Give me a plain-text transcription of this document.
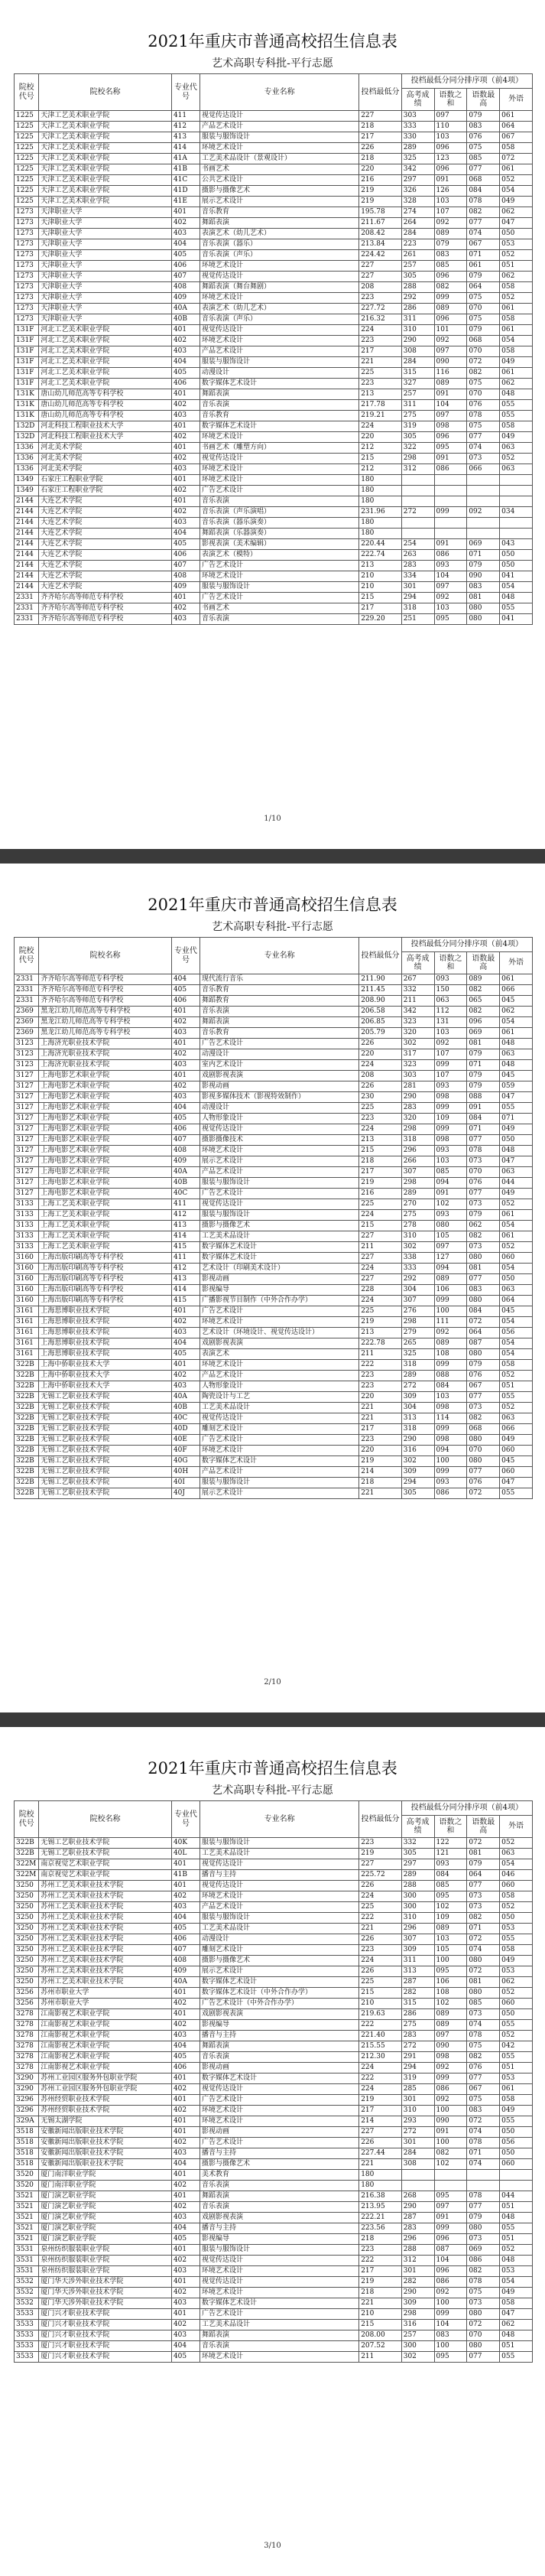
2021年重庆市普通高校招生信息表
艺术高职专科批-平行志愿
院校代号	院校名称	专业代号	专业名称	投档最低分	投档最低分同分排序项（前4项）			
					高考成绩	语数之和	语数最高	外语
1225	天津工艺美术职业学院	411	视觉传达设计	227	303	097	079	061
1225	天津工艺美术职业学院	412	产品艺术设计	218	333	110	083	064
1225	天津工艺美术职业学院	413	服装与服饰设计	217	330	103	076	067
1225	天津工艺美术职业学院	414	环境艺术设计	226	289	096	075	058
1225	天津工艺美术职业学院	41A	工艺美术品设计（景观设计）	218	325	123	085	072
1225	天津工艺美术职业学院	41B	书画艺术	220	342	096	077	061
1225	天津工艺美术职业学院	41C	公共艺术设计	216	297	091	068	052
1225	天津工艺美术职业学院	41D	摄影与摄像艺术	219	326	126	084	054
1225	天津工艺美术职业学院	41E	展示艺术设计	219	328	103	078	049
1273	天津职业大学	401	音乐教育	195.78	274	107	082	062
1273	天津职业大学	402	舞蹈表演	211.67	264	092	077	047
1273	天津职业大学	403	表演艺术（幼儿艺术）	208.42	284	089	074	050
1273	天津职业大学	404	音乐表演（器乐）	213.84	223	079	067	053
1273	天津职业大学	405	音乐表演（声乐）	224.42	261	083	071	052
1273	天津职业大学	406	环境艺术设计	227	257	085	061	051
1273	天津职业大学	407	视觉传达设计	227	305	096	079	062
1273	天津职业大学	408	舞蹈表演（舞台舞剧）	208	288	082	064	058
1273	天津职业大学	409	环境艺术设计	223	292	099	075	052
1273	天津职业大学	40A	表演艺术（幼儿艺术）	227.72	286	089	070	061
1273	天津职业大学	40B	音乐表演（声乐）	216.32	311	096	075	058
131F	河北工艺美术职业学院	401	视觉传达设计	224	310	101	079	061
131F	河北工艺美术职业学院	402	环境艺术设计	223	290	092	068	054
131F	河北工艺美术职业学院	403	产品艺术设计	217	308	097	070	058
131F	河北工艺美术职业学院	404	服装与服饰设计	221	284	090	072	049
131F	河北工艺美术职业学院	405	动漫设计	225	315	116	082	061
131F	河北工艺美术职业学院	406	数字媒体艺术设计	223	327	089	075	062
131K	唐山幼儿师范高等专科学校	401	舞蹈表演	213	257	091	070	048
131K	唐山幼儿师范高等专科学校	402	音乐表演	217.78	311	104	076	055
131K	唐山幼儿师范高等专科学校	403	音乐教育	219.21	275	097	078	055
132D	河北科技工程职业技术大学	401	数字媒体艺术设计	224	319	098	075	058
132D	河北科技工程职业技术大学	402	环境艺术设计	220	305	096	077	049
1336	河北美术学院	401	书画艺术（雕塑方向）	212	322	095	074	063
1336	河北美术学院	402	视觉传达设计	215	298	091	073	052
1336	河北美术学院	403	环境艺术设计	212	312	086	066	063
1349	石家庄工程职业学院	401	环境艺术设计	180				
1349	石家庄工程职业学院	402	广告艺术设计	180				
2144	大连艺术学院	401	音乐表演	180				
2144	大连艺术学院	402	音乐表演（声乐演唱）	231.96	272	099	092	034
2144	大连艺术学院	403	音乐表演（器乐演奏）	180				
2144	大连艺术学院	404	舞蹈表演（乐器演奏）	180				
2144	大连艺术学院	405	影视表演（美术编辑）	220.44	254	091	069	043
2144	大连艺术学院	406	表演艺术（模特）	222.74	263	086	071	050
2144	大连艺术学院	407	广告艺术设计	213	283	093	079	050
2144	大连艺术学院	408	环境艺术设计	210	334	104	090	041
2144	大连艺术学院	409	服装与服饰设计	210	301	097	083	054
2331	齐齐哈尔高等师范专科学校	401	广告艺术设计	215	294	092	081	048
2331	齐齐哈尔高等师范专科学校	402	书画艺术	217	318	103	080	055
2331	齐齐哈尔高等师范专科学校	403	音乐表演	229.20	251	095	080	041
1/10
2021年重庆市普通高校招生信息表
艺术高职专科批-平行志愿
院校代号	院校名称	专业代号	专业名称	投档最低分	投档最低分同分排序项（前4项）			
					高考成绩	语数之和	语数最高	外语
2331	齐齐哈尔高等师范专科学校	404	现代流行音乐	211.90	267	093	089	061
2331	齐齐哈尔高等师范专科学校	405	音乐教育	211.45	332	150	082	066
2331	齐齐哈尔高等师范专科学校	406	舞蹈教育	208.90	211	063	065	045
2369	黑龙江幼儿师范高等专科学校	401	音乐表演	206.58	342	112	082	062
2369	黑龙江幼儿师范高等专科学校	402	舞蹈表演	206.85	323	131	096	054
2369	黑龙江幼儿师范高等专科学校	403	音乐教育	205.79	320	103	069	061
3123	上海济光职业技术学院	401	广告艺术设计	226	302	092	081	048
3123	上海济光职业技术学院	402	动漫设计	220	317	107	079	063
3123	上海济光职业技术学院	403	室内艺术设计	224	323	099	071	048
3127	上海电影艺术职业学院	401	戏剧影视表演	208	303	107	079	045
3127	上海电影艺术职业学院	402	影视动画	226	281	093	079	059
3127	上海电影艺术职业学院	403	影视多媒体技术（影视特效制作）	230	290	098	088	047
3127	上海电影艺术职业学院	404	动漫设计	225	283	099	091	055
3127	上海电影艺术职业学院	405	人物形象设计	223	320	109	084	071
3127	上海电影艺术职业学院	406	视觉传达设计	224	298	099	071	049
3127	上海电影艺术职业学院	407	摄影摄像技术	213	318	098	077	050
3127	上海电影艺术职业学院	408	环境艺术设计	215	296	093	078	048
3127	上海电影艺术职业学院	409	展示艺术设计	218	266	103	073	047
3127	上海电影艺术职业学院	40A	产品艺术设计	217	307	085	070	063
3127	上海电影艺术职业学院	40B	服装与服饰设计	219	298	094	076	044
3127	上海电影艺术职业学院	40C	广告艺术设计	216	289	091	077	049
3133	上海工艺美术职业学院	411	视觉传达设计	225	270	102	073	052
3133	上海工艺美术职业学院	412	服装与服饰设计	224	275	093	079	061
3133	上海工艺美术职业学院	413	摄影与摄像艺术	215	278	080	062	054
3133	上海工艺美术职业学院	414	工艺美术品设计	227	310	105	082	061
3133	上海工艺美术职业学院	415	数字媒体艺术设计	211	302	097	073	052
3160	上海出版印刷高等专科学校	411	数字媒体艺术设计	227	338	127	080	060
3160	上海出版印刷高等专科学校	412	艺术设计（印刷美术设计）	224	333	094	081	054
3160	上海出版印刷高等专科学校	413	影视动画	227	292	089	077	050
3160	上海出版印刷高等专科学校	414	影视编导	228	304	106	083	063
3160	上海出版印刷高等专科学校	415	广播影视节目制作（中外合作办学）	224	307	099	080	064
3161	上海思博职业技术学院	401	广告艺术设计	225	276	100	084	045
3161	上海思博职业技术学院	402	环境艺术设计	219	298	111	072	054
3161	上海思博职业技术学院	403	艺术设计（环境设计、视觉传达设计）	213	279	092	064	056
3161	上海思博职业技术学院	404	戏剧影视表演	222.78	265	089	087	054
3161	上海思博职业技术学院	405	表演艺术	211	325	108	080	054
322B	上海中侨职业技术大学	401	环境艺术设计	222	318	099	079	058
322B	上海中侨职业技术大学	402	产品艺术设计	223	289	088	076	052
322B	上海中侨职业技术大学	403	人物形象设计	223	272	084	067	051
322B	无锡工艺职业技术学院	40A	陶瓷设计与工艺	220	309	103	077	055
322B	无锡工艺职业技术学院	40B	工艺美术品设计	221	304	098	073	052
322B	无锡工艺职业技术学院	40C	视觉传达设计	221	313	114	082	063
322B	无锡工艺职业技术学院	40D	雕刻艺术设计	217	318	099	068	066
322B	无锡工艺职业技术学院	40E	广告艺术设计	223	290	098	080	049
322B	无锡工艺职业技术学院	40F	环境艺术设计	220	316	094	070	060
322B	无锡工艺职业技术学院	40G	数字媒体艺术设计	219	302	100	080	045
322B	无锡工艺职业技术学院	40H	产品艺术设计	214	309	099	077	060
322B	无锡工艺职业技术学院	40I	服装与服饰设计	218	294	093	076	047
322B	无锡工艺职业技术学院	40J	展示艺术设计	221	305	086	072	055
2/10
2021年重庆市普通高校招生信息表
艺术高职专科批-平行志愿
院校代号	院校名称	专业代号	专业名称	投档最低分	投档最低分同分排序项（前4项）			
					高考成绩	语数之和	语数最高	外语
322B	无锡工艺职业技术学院	40K	服装与服饰设计	223	332	122	072	052
322B	无锡工艺职业技术学院	40L	工艺美术品设计	219	305	121	081	063
322M	南京视觉艺术职业学院	401	视觉传达设计	227	297	093	079	054
322M	南京视觉艺术职业学院	41B	播音与主持	225.72	289	084	064	046
3250	苏州工艺美术职业技术学院	401	视觉传达设计	226	288	085	077	060
3250	苏州工艺美术职业技术学院	402	环境艺术设计	224	300	095	073	058
3250	苏州工艺美术职业技术学院	403	产品艺术设计	225	300	102	073	052
3250	苏州工艺美术职业技术学院	404	服装与服饰设计	222	310	109	082	050
3250	苏州工艺美术职业技术学院	405	工艺美术品设计	221	296	089	071	053
3250	苏州工艺美术职业技术学院	406	动漫设计	226	307	103	072	055
3250	苏州工艺美术职业技术学院	407	雕刻艺术设计	223	309	105	074	058
3250	苏州工艺美术职业技术学院	408	摄影与摄像艺术	224	311	100	080	049
3250	苏州工艺美术职业技术学院	409	展示艺术设计	226	313	095	072	053
3250	苏州工艺美术职业技术学院	40A	数字媒体艺术设计	225	287	106	081	062
3256	苏州市职业大学	401	数字媒体艺术设计（中外合作办学）	215	282	108	080	052
3256	苏州市职业大学	402	广告艺术设计（中外合作办学）	210	315	102	085	060
3278	江南影视艺术职业学院	401	戏剧影视表演	219.63	286	089	073	050
3278	江南影视艺术职业学院	402	影视编导	222	275	089	074	055
3278	江南影视艺术职业学院	403	播音与主持	221.40	283	097	078	052
3278	江南影视艺术职业学院	404	舞蹈表演	215.55	272	090	075	042
3278	江南影视艺术职业学院	405	音乐表演	212.30	291	098	082	055
3278	江南影视艺术职业学院	406	影视动画	224	294	092	076	051
3290	苏州工业园区服务外包职业学院	401	数字媒体艺术设计	222	319	099	077	053
3290	苏州工业园区服务外包职业学院	402	视觉传达设计	224	285	086	067	061
3296	苏州经贸职业技术学院	401	广告艺术设计	219	301	092	075	058
3296	苏州经贸职业技术学院	402	环境艺术设计	217	310	100	083	049
329A	无锡太湖学院	401	环境艺术设计	214	293	090	072	055
3518	安徽新闻出版职业技术学院	401	影视动画	227	272	091	074	050
3518	安徽新闻出版职业技术学院	402	广告艺术设计	226	301	100	078	056
3518	安徽新闻出版职业技术学院	403	播音与主持	227.44	284	082	071	050
3518	安徽新闻出版职业技术学院	404	摄影与摄像艺术	221	308	102	074	060
3520	厦门南洋职业学院	401	美术教育	180				
3520	厦门南洋职业学院	402	音乐表演	180				
3521	厦门演艺职业学院	401	舞蹈表演	216.38	268	095	078	044
3521	厦门演艺职业学院	402	音乐表演	213.95	290	097	077	051
3521	厦门演艺职业学院	403	戏剧影视表演	222.21	287	091	079	048
3521	厦门演艺职业学院	404	播音与主持	223.56	283	099	080	055
3521	厦门演艺职业学院	405	影视编导	218	296	096	073	051
3531	泉州纺织服装职业学院	401	服装与服饰设计	223	288	087	069	052
3531	泉州纺织服装职业学院	402	视觉传达设计	222	312	104	086	048
3531	泉州纺织服装职业学院	403	环境艺术设计	217	301	096	082	053
3532	厦门华天涉外职业技术学院	401	视觉传达设计	219	282	086	078	054
3532	厦门华天涉外职业技术学院	402	环境艺术设计	218	290	092	075	049
3532	厦门华天涉外职业技术学院	403	数字媒体艺术设计	221	309	100	073	058
3533	厦门兴才职业技术学院	401	广告艺术设计	210	298	099	080	047
3533	厦门兴才职业技术学院	402	工艺美术品设计	215	316	104	072	062
3533	厦门兴才职业技术学院	403	舞蹈表演	208.00	257	083	070	048
3533	厦门兴才职业技术学院	404	音乐表演	207.52	300	100	080	051
3533	厦门兴才职业技术学院	405	环境艺术设计	211	302	095	077	055
3/10
